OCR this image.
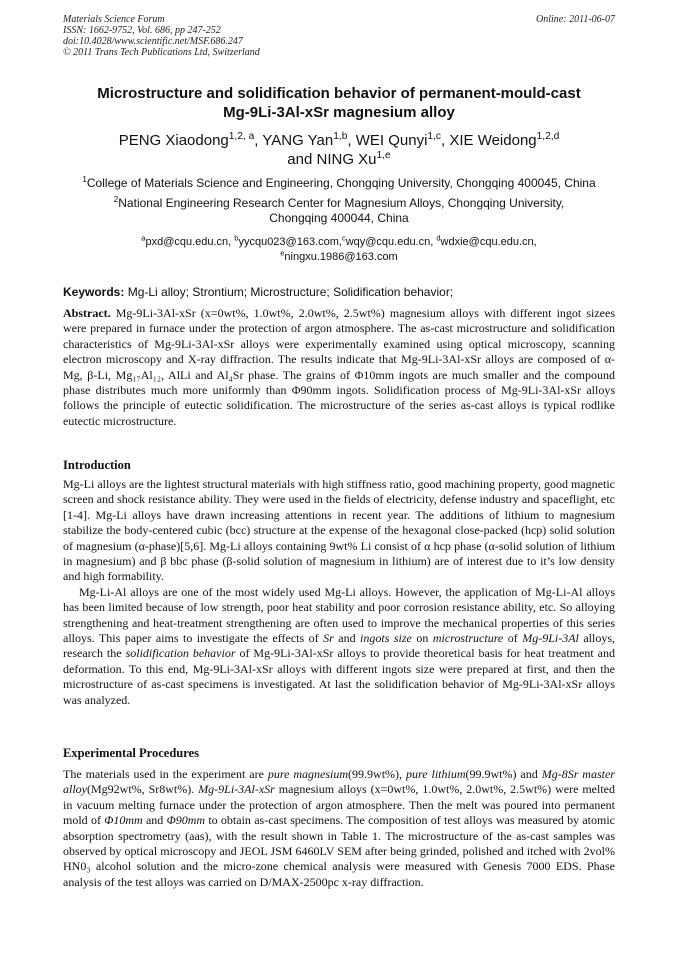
Materials Science Forum
ISSN: 1662-9752, Vol. 686, pp 247-252
doi:10.4028/www.scientific.net/MSF.686.247
© 2011 Trans Tech Publications Ltd, Switzerland
Online: 2011-06-07
Microstructure and solidification behavior of permanent-mould-cast
Mg-9Li-3Al-xSr magnesium alloy
PENG Xiaodong$^{1,2, a}$, YANG Yan$^{1,b}$, WEI Qunyi$^{1,c}$, XIE Weidong$^{1,2,d}$
and NING Xu$^{1,e}$
$^1$College of Materials Science and Engineering, Chongqing University, Chongqing 400045, China
$^2$National Engineering Research Center for Magnesium Alloys, Chongqing University,
Chongqing 400044, China
$^a$pxd@cqu.edu.cn, $^b$yycqu023@163.com,$^c$wqy@cqu.edu.cn, $^d$wdxie@cqu.edu.cn,
$^e$ningxu.1986@163.com
Keywords: Mg-Li alloy; Strontium; Microstructure; Solidification behavior;

Abstract. Mg-9Li-3Al-xSr (x=0wt%, 1.0wt%, 2.0wt%, 2.5wt%) magnesium alloys with different ingot sizees were prepared in furnace under the protection of argon atmosphere. The as-cast microstructure and solidification characteristics of Mg-9Li-3Al-xSr alloys were experimentally examined using optical microscopy, scanning electron microscopy and X-ray diffraction. The results indicate that Mg-9Li-3Al-xSr alloys are composed of α-Mg, β-Li, Mg₁₇Al₁₂, AlLi and Al₄Sr phase. The grains of Φ10mm ingots are much smaller and the compound phase distributes much more uniformly than Φ90mm ingots. Solidification process of Mg-9Li-3Al-xSr alloys follows the principle of eutectic solidification. The microstructure of the series as-cast alloys is typical rodlike eutectic microstructure.

Introduction

Mg-Li alloys are the lightest structural materials with high stiffness ratio, good machining property, good magnetic screen and shock resistance ability. They were used in the fields of electricity, defense industry and spaceflight, etc [1-4]. Mg-Li alloys have drawn increasing attentions in recent year. The additions of lithium to magnesium stabilize the body-centered cubic (bcc) structure at the expense of the hexagonal close-packed (hcp) solid solution of magnesium (α-phase)[5,6]. Mg-Li alloys containing 9wt% Li consist of α hcp phase (α-solid solution of lithium in magnesium) and β bbc phase (β-solid solution of magnesium in lithium) are of interest due to it’s low density and high formability.

Mg-Li-Al alloys are one of the most widely used Mg-Li alloys. However, the application of Mg-Li-Al alloys has been limited because of low strength, poor heat stability and poor corrosion resistance ability, etc. So alloying strengthening and heat-treatment strengthening are often used to improve the mechanical properties of this series alloys. This paper aims to investigate the effects of Sr and ingots size on microstructure of Mg-9Li-3Al alloys, research the solidification behavior of Mg-9Li-3Al-xSr alloys to provide theoretical basis for heat treatment and deformation. To this end, Mg-9Li-3Al-xSr alloys with different ingots size were prepared at first, and then the microstructure of as-cast specimens is investigated. At last the solidification behavior of Mg-9Li-3Al-xSr alloys was analyzed.

Experimental Procedures

The materials used in the experiment are pure magnesium(99.9wt%), pure lithium(99.9wt%) and Mg-8Sr master alloy(Mg92wt%, Sr8wt%). Mg-9Li-3Al-xSr magnesium alloys (x=0wt%, 1.0wt%, 2.0wt%, 2.5wt%) were melted in vacuum melting furnace under the protection of argon atmosphere. Then the melt was poured into permanent mold of Φ10mm and Φ90mm to obtain as-cast specimens. The composition of test alloys was measured by atomic absorption spectrometry (aas), with the result shown in Table 1. The microstructure of the as-cast samples was observed by optical microscopy and JEOL JSM 6460LV SEM after being grinded, polished and itched with 2vol% HN0₃ alcohol solution and the micro-zone chemical analysis were measured with Genesis 7000 EDS. Phase analysis of the test alloys was carried on D/MAX-2500pc x-ray diffraction.
